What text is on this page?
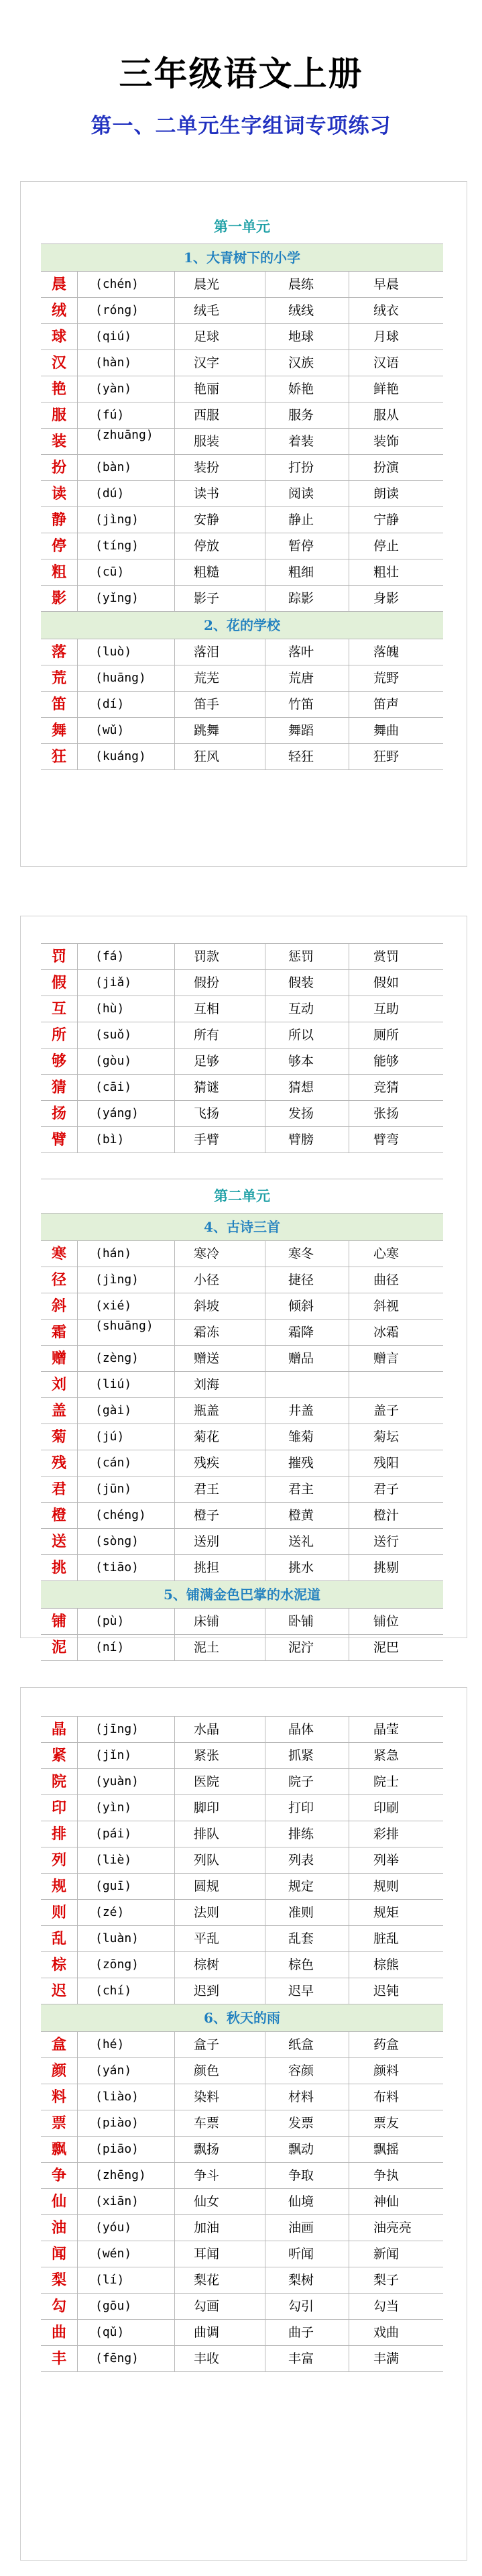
三年级语文上册
第一、二单元生字组词专项练习
第一单元
1、大青树下的小学
晨	(chén)	晨光	晨练	早晨
绒	(róng)	绒毛	绒线	绒衣
球	(qiú)	足球	地球	月球
汉	(hàn)	汉字	汉族	汉语
艳	(yàn)	艳丽	娇艳	鲜艳
服	(fú)	西服	服务	服从
装	(zhuāng)	服装	着装	装饰
扮	(bàn)	装扮	打扮	扮演
读	(dú)	读书	阅读	朗读
静	(jìng)	安静	静止	宁静
停	(tíng)	停放	暂停	停止
粗	(cū)	粗糙	粗细	粗壮
影	(yǐng)	影子	踪影	身影
2、花的学校
落	(luò)	落泪	落叶	落魄
荒	(huāng)	荒芜	荒唐	荒野
笛	(dí)	笛手	竹笛	笛声
舞	(wǔ)	跳舞	舞蹈	舞曲
狂	(kuáng)	狂风	轻狂	狂野
罚	(fá)	罚款	惩罚	赏罚
假	(jiǎ)	假扮	假装	假如
互	(hù)	互相	互动	互助
所	(suǒ)	所有	所以	厕所
够	(gòu)	足够	够本	能够
猜	(cāi)	猜谜	猜想	竞猜
扬	(yáng)	飞扬	发扬	张扬
臂	(bì)	手臂	臂膀	臂弯
第二单元
4、古诗三首
寒	(hán)	寒冷	寒冬	心寒
径	(jìng)	小径	捷径	曲径
斜	(xié)	斜坡	倾斜	斜视
霜	(shuāng)	霜冻	霜降	冰霜
赠	(zèng)	赠送	赠品	赠言
刘	(liú)	刘海
盖	(gài)	瓶盖	井盖	盖子
菊	(jú)	菊花	雏菊	菊坛
残	(cán)	残疾	摧残	残阳
君	(jūn)	君王	君主	君子
橙	(chéng)	橙子	橙黄	橙汁
送	(sòng)	送别	送礼	送行
挑	(tiāo)	挑担	挑水	挑剔
5、铺满金色巴掌的水泥道
铺	(pù)	床铺	卧铺	铺位
泥	(ní)	泥土	泥泞	泥巴
晶	(jīng)	水晶	晶体	晶莹
紧	(jǐn)	紧张	抓紧	紧急
院	(yuàn)	医院	院子	院士
印	(yìn)	脚印	打印	印刷
排	(pái)	排队	排练	彩排
列	(liè)	列队	列表	列举
规	(guī)	圆规	规定	规则
则	(zé)	法则	准则	规矩
乱	(luàn)	平乱	乱套	脏乱
棕	(zōng)	棕树	棕色	棕熊
迟	(chí)	迟到	迟早	迟钝
6、秋天的雨
盒	(hé)	盒子	纸盒	药盒
颜	(yán)	颜色	容颜	颜料
料	(liào)	染料	材料	布料
票	(piào)	车票	发票	票友
飘	(piāo)	飘扬	飘动	飘摇
争	(zhēng)	争斗	争取	争执
仙	(xiān)	仙女	仙境	神仙
油	(yóu)	加油	油画	油亮亮
闻	(wén)	耳闻	听闻	新闻
梨	(lí)	梨花	梨树	梨子
勾	(gōu)	勾画	勾引	勾当
曲	(qǔ)	曲调	曲子	戏曲
丰	(fēng)	丰收	丰富	丰满
